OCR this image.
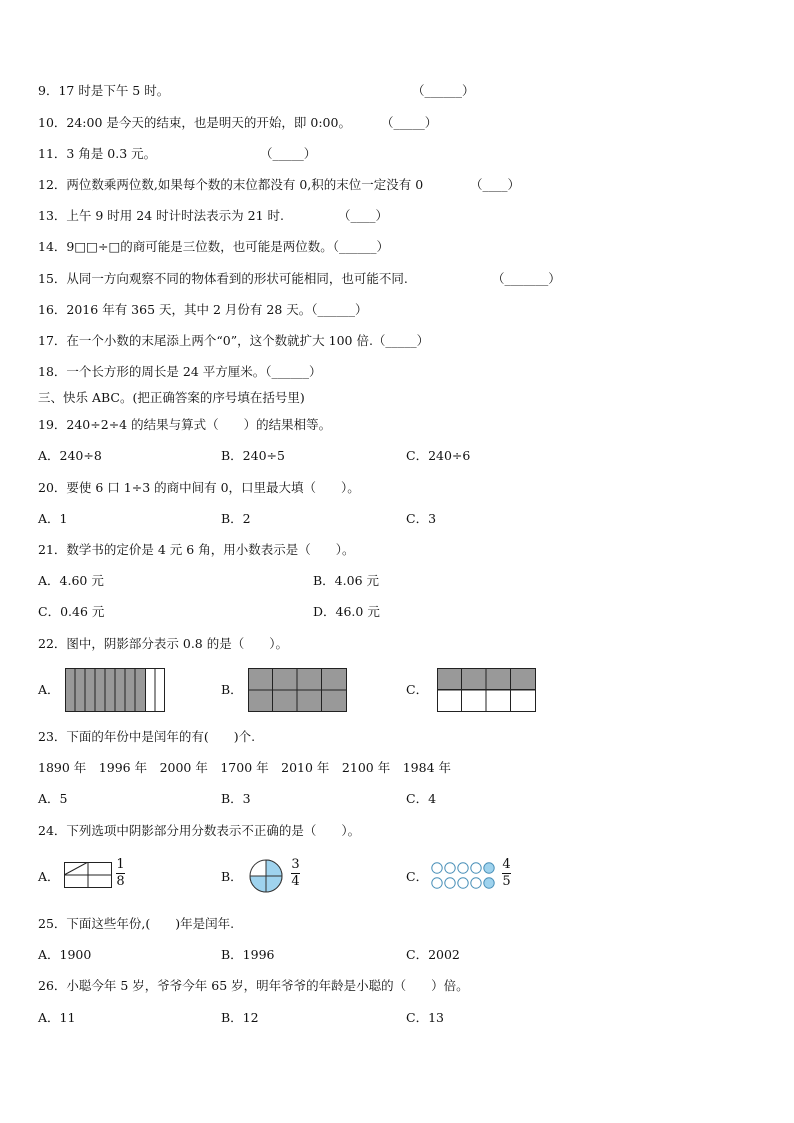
9．17 时是下午 5 时。	（______）
10．24:00 是今天的结束，也是明天的开始，即 0:00。 （_____）
11．3 角是 0.3 元。	（_____）
12．两位数乘两位数,如果每个数的末位都没有 0,积的末位一定没有 0	（____）
13．上午 9 时用 24 时计时法表示为 21 时.	（____）
14．9□□÷□的商可能是三位数，也可能是两位数。（______）
15．从同一方向观察不同的物体看到的形状可能相同，也可能不同.	（_______）
16．2016 年有 365 天，其中 2 月份有 28 天。（______）
17．在一个小数的末尾添上两个“0”，这个数就扩大 100 倍.（_____）
18．一个长方形的周长是 24 平方厘米。（______）
三、快乐 ABC。(把正确答案的序号填在括号里)
19．240÷2÷4 的结果与算式（　　）的结果相等。
A．240÷8	B．240÷5	C．240÷6
20．要使 6 口 1÷3 的商中间有 0，口里最大填（　　）。
A．1	B．2	C．3
21．数学书的定价是 4 元 6 角，用小数表示是（　　）。
A．4.60 元	B．4.06 元
C．0.46 元	D．46.0 元
22．图中，阴影部分表示 0.8 的是（　　）。
A．	B．	C．
23．下面的年份中是闰年的有(　　)个.
1890 年　1996 年　2000 年　1700 年　2010 年　2100 年　1984 年
A．5	B．3	C．4
24．下列选项中阴影部分用分数表示不正确的是（　　）。
A．
1
8	B．
3
4	C．
4
5
25．下面这些年份,(　　)年是闰年.
A．1900	B．1996	C．2002
26．小聪今年 5 岁，爷爷今年 65 岁，明年爷爷的年龄是小聪的（　　）倍。
A．11	B．12	C．13
